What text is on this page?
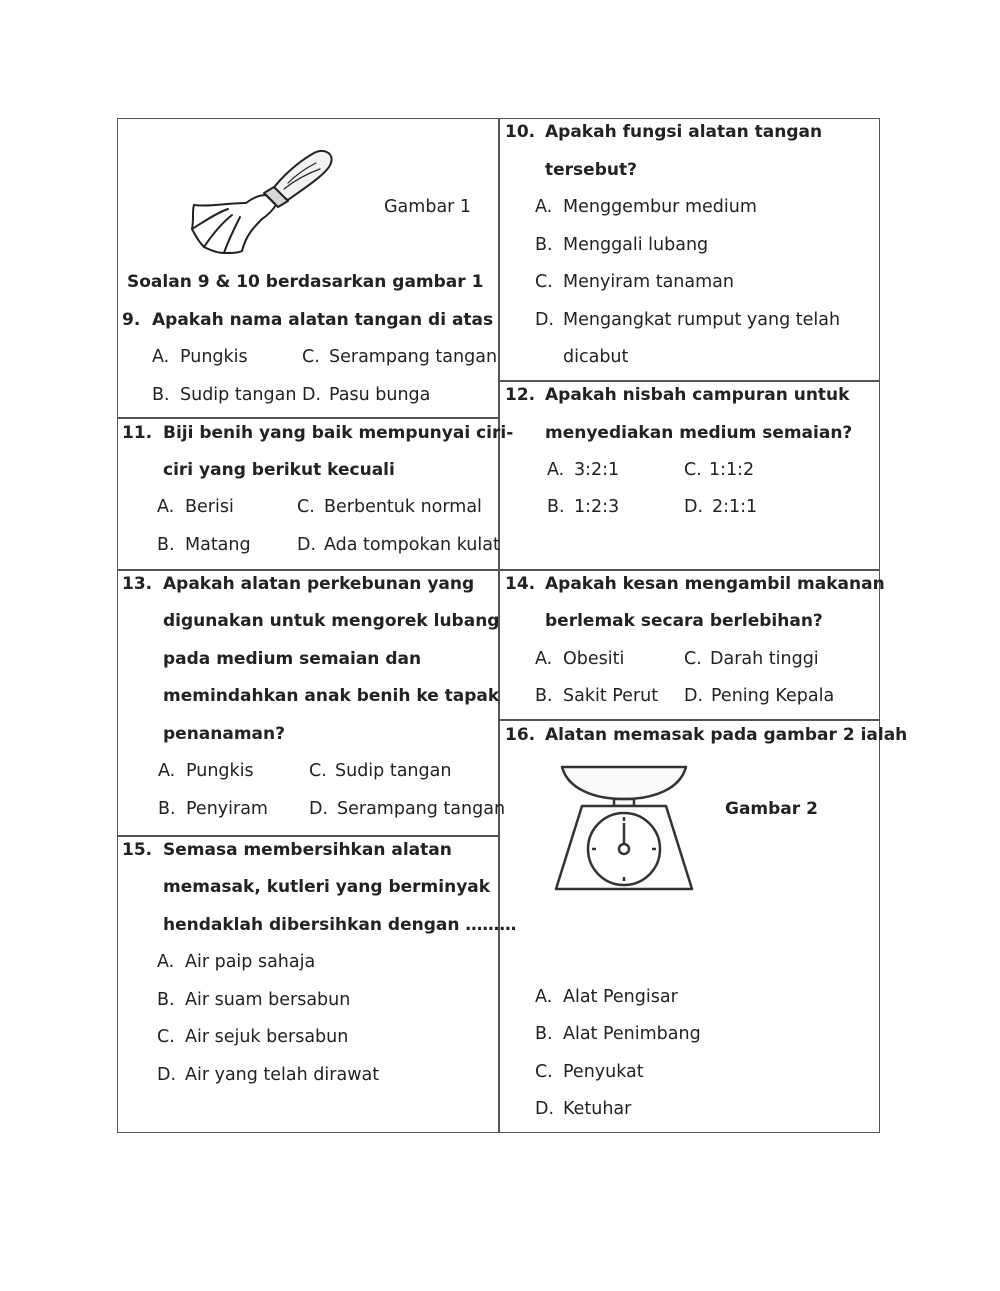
Gambar 1
Soalan 9 & 10 berdasarkan gambar 1
9. Apakah nama alatan tangan di atas
A. Pungkis	C. Serampang tangan
B. Sudip tangan D. Pasu bunga
10. Apakah fungsi alatan tangan
tersebut?
A. Menggembur medium
B. Menggali lubang
C. Menyiram tanaman
D. Mengangkat rumput yang telah
dicabut
11. Biji benih yang baik mempunyai ciri-
ciri yang berikut kecuali
A. Berisi	C. Berbentuk normal
B. Matang	D. Ada tompokan kulat
12. Apakah nisbah campuran untuk
menyediakan medium semaian?
A. 3:2:1	C. 1:1:2
B. 1:2:3	D. 2:1:1
13. Apakah alatan perkebunan yang
digunakan untuk mengorek lubang
pada medium semaian dan
memindahkan anak benih ke tapak
penanaman?
A. Pungkis	C. Sudip tangan
B. Penyiram D. Serampang tangan
14. Apakah kesan mengambil makanan
berlemak secara berlebihan?
A. Obesiti	C. Darah tinggi
B. Sakit Perut D. Pening Kepala
15. Semasa membersihkan alatan
memasak, kutleri yang berminyak
hendaklah dibersihkan dengan ………
A. Air paip sahaja
B. Air suam bersabun
C. Air sejuk bersabun
D. Air yang telah dirawat
16. Alatan memasak pada gambar 2 ialah
Gambar 2
A. Alat Pengisar
B. Alat Penimbang
C. Penyukat
D. Ketuhar
